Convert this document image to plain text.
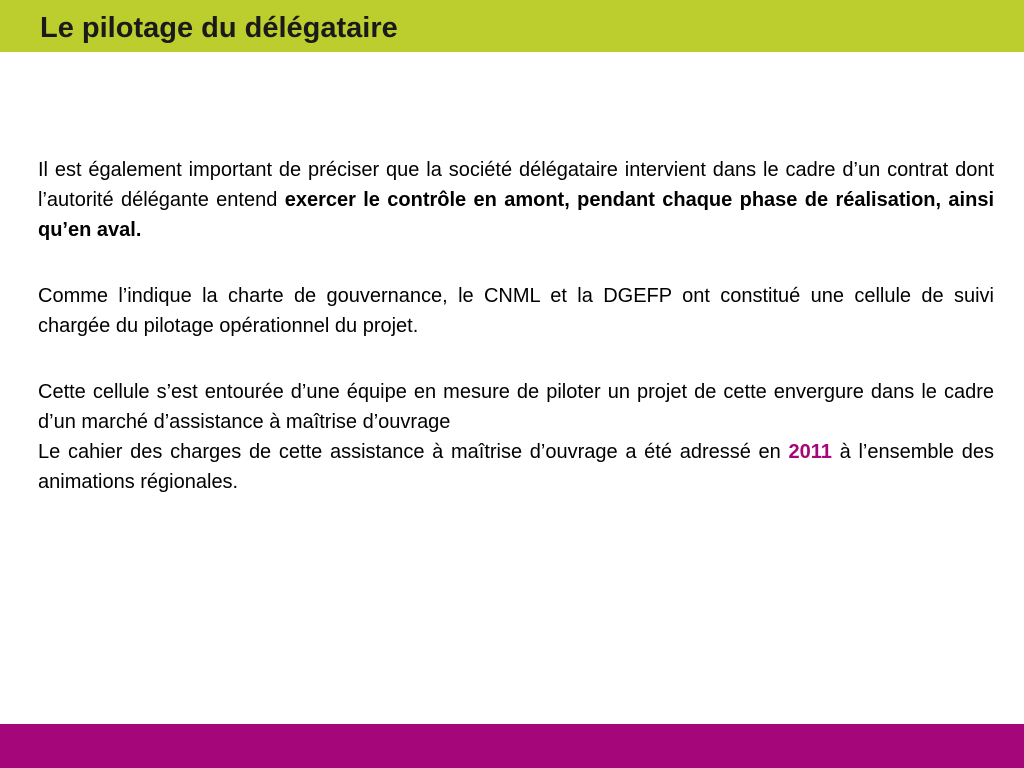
Le pilotage du délégataire

Il est également important de préciser que la société délégataire intervient dans le cadre d’un contrat dont l’autorité délégante entend exercer le contrôle en amont, pendant chaque phase de réalisation, ainsi qu’en aval.

Comme l’indique la charte de gouvernance, le CNML et la DGEFP ont constitué une cellule de suivi chargée du pilotage opérationnel du projet.

Cette cellule s’est entourée d’une équipe en mesure de piloter un projet de cette envergure dans le cadre d’un marché d’assistance à maîtrise d’ouvrage

Le cahier des charges de cette assistance à maîtrise d’ouvrage a été adressé en 2011 à l’ensemble des animations régionales.
